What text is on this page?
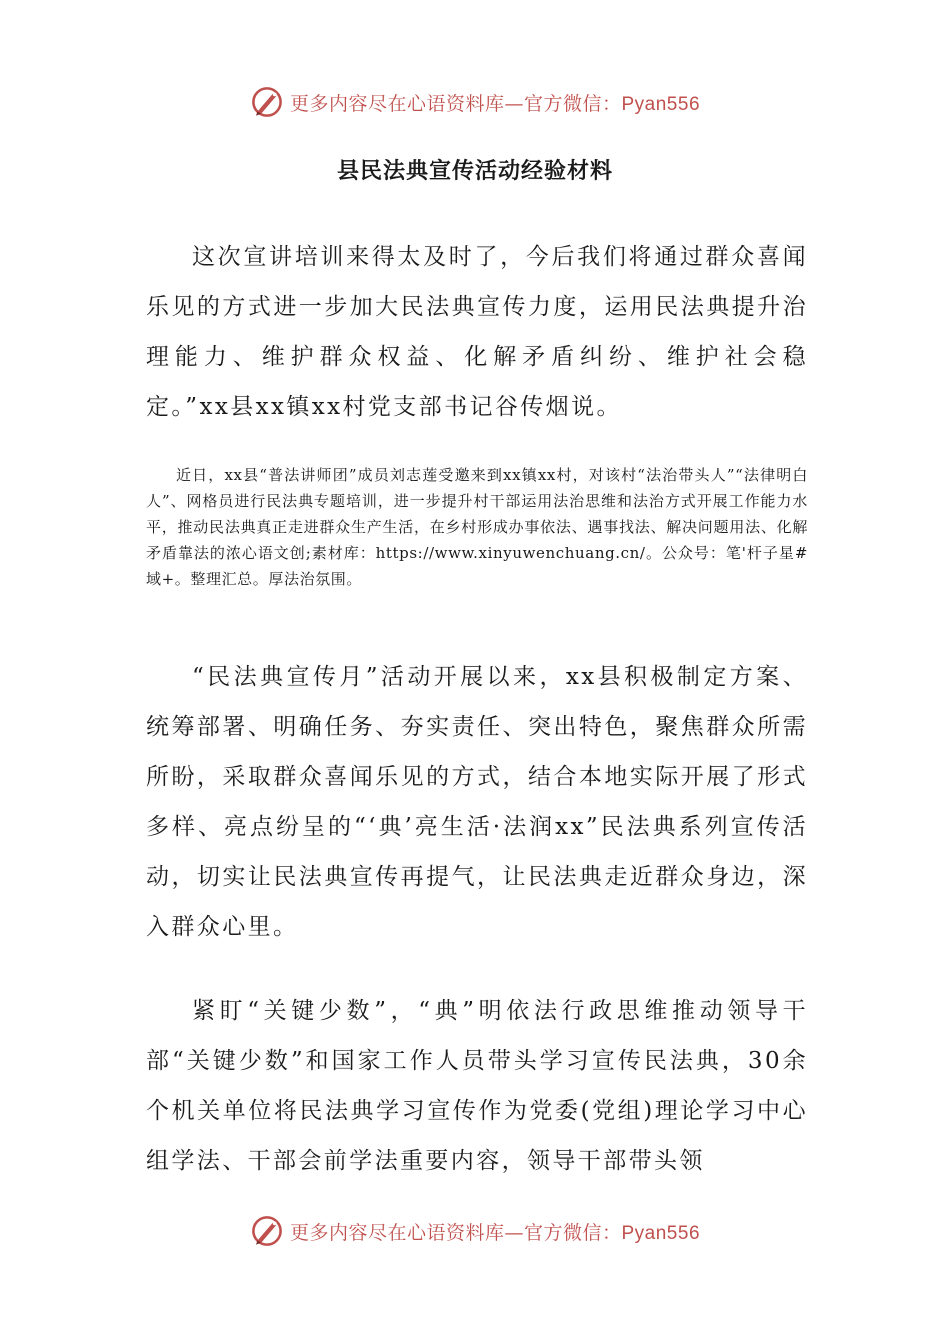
更多内容尽在心语资料库—官方微信：Pyan556
县民法典宣传活动经验材料

这次宣讲培训来得太及时了，今后我们将通过群众喜闻乐见的方式进一步加大民法典宣传力度，运用民法典提升治理能力、维护群众权益、化解矛盾纠纷、维护社会稳定。”xx县xx镇xx村党支部书记谷传烟说。

近日，xx县“普法讲师团”成员刘志莲受邀来到xx镇xx村，对该村“法治带头人”“法律明白人”、网格员进行民法典专题培训，进一步提升村干部运用法治思维和法治方式开展工作能力水平，推动民法典真正走进群众生产生活，在乡村形成办事依法、遇事找法、解决问题用法、化解矛盾靠法的浓心语文创;素材库：https://www.xinyuwenchuang.cn/。公众号：笔'杆子星#域+。整理汇总。厚法治氛围。

“民法典宣传月”活动开展以来，xx县积极制定方案、统筹部署、明确任务、夯实责任、突出特色，聚焦群众所需所盼，采取群众喜闻乐见的方式，结合本地实际开展了形式多样、亮点纷呈的“‘典’亮生活·法润xx”民法典系列宣传活动，切实让民法典宣传再提气，让民法典走近群众身边，深入群众心里。

紧盯“关键少数”，“典”明依法行政思维推动领导干部“关键少数”和国家工作人员带头学习宣传民法典，30余个机关单位将民法典学习宣传作为党委(党组)理论学习中心组学法、干部会前学法重要内容，领导干部带头领

更多内容尽在心语资料库—官方微信：Pyan556
